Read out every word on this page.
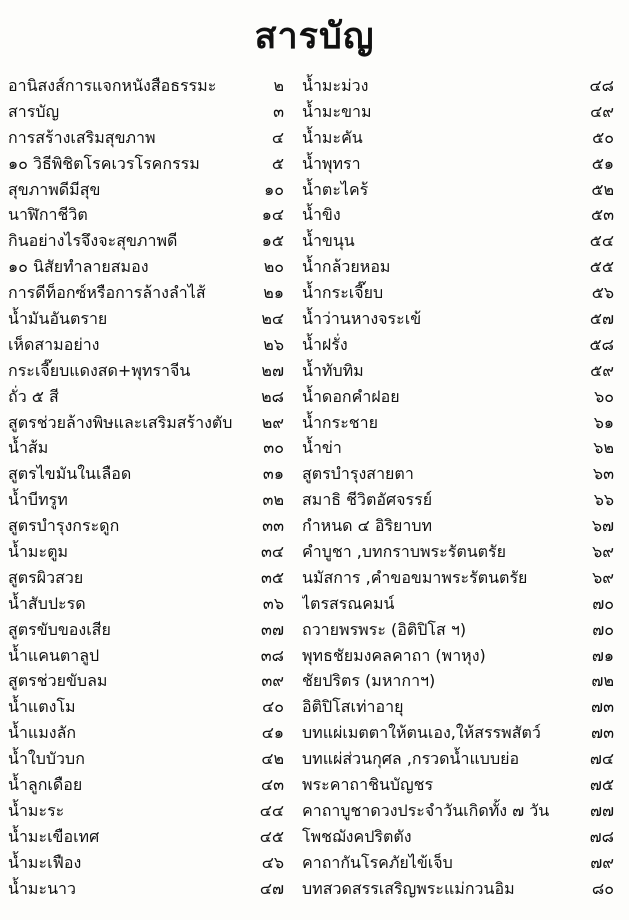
สารบัญ
อานิสงส์การแจกหนังสือธรรมะ	๒
สารบัญ	๓
การสร้างเสริมสุขภาพ	๔
๑๐ วิธีพิชิตโรคเวรโรคกรรม	๕
สุขภาพดีมีสุข	๑๐
นาฬิกาชีวิต	๑๔
กินอย่างไรจึงจะสุขภาพดี	๑๕
๑๐ นิสัยทำลายสมอง	๒๐
การดีท็อกซ์หรือการล้างลำไส้	๒๑
น้ำมันอันตราย	๒๔
เห็ดสามอย่าง	๒๖
กระเจี๊ยบแดงสด+พุทราจีน	๒๗
ถั่ว ๕ สี	๒๘
สูตรช่วยล้างพิษและเสริมสร้างตับ ๒๙
น้ำส้ม	๓๐
สูตรไขมันในเลือด	๓๑
น้ำบีทรูท	๓๒
สูตรบำรุงกระดูก	๓๓
น้ำมะตูม	๓๔
สูตรผิวสวย	๓๕
น้ำสับปะรด	๓๖
สูตรขับของเสีย	๓๗
น้ำแคนตาลูป	๓๘
สูตรช่วยขับลม	๓๙
น้ำแตงโม	๔๐
น้ำแมงลัก	๔๑
น้ำใบบัวบก	๔๒
น้ำลูกเดือย	๔๓
น้ำมะระ	๔๔
น้ำมะเขือเทศ	๔๕
น้ำมะเฟือง	๔๖
น้ำมะนาว	๔๗
น้ำมะม่วง	๔๘
น้ำมะขาม	๔๙
น้ำมะคัน	๕๐
น้ำพุทรา	๕๑
น้ำตะไคร้	๕๒
น้ำขิง	๕๓
น้ำขนุน	๕๔
น้ำกล้วยหอม	๕๕
น้ำกระเจี๊ยบ	๕๖
น้ำว่านหางจระเข้	๕๗
น้ำฝรั่ง	๕๘
น้ำทับทิม	๕๙
น้ำดอกคำฝอย	๖๐
น้ำกระชาย	๖๑
น้ำข่า	๖๒
สูตรบำรุงสายตา	๖๓
สมาธิ ชีวิตอัศจรรย์	๖๖
กำหนด ๔ อิริยาบท	๖๗
คำบูชา ,บทกราบพระรัตนตรัย	๖๙
นมัสการ ,คำขอขมาพระรัตนตรัย	๖๙
ไตรสรณคมน์	๗๐
ถวายพรพระ (อิติปิโส ฯ)	๗๐
พุทธชัยมงคลคาถา (พาหุง)	๗๑
ชัยปริตร (มหากาฯ)	๗๒
อิติปิโสเท่าอายุ	๗๓
บทแผ่เมตตาให้ตนเอง,ให้สรรพสัตว์	๗๓
บทแผ่ส่วนกุศล ,กรวดน้ำแบบย่อ	๗๔
พระคาถาชินบัญชร	๗๕
คาถาบูชาดวงประจำวันเกิดทั้ง ๗ วัน	๗๗
โพชฌังคปริตตัง	๗๘
คาถากันโรคภัยไข้เจ็บ	๗๙
บทสวดสรรเสริญพระแม่กวนอิม	๘๐
